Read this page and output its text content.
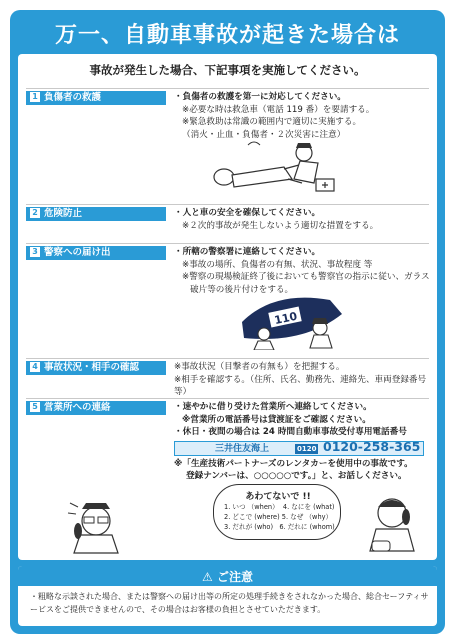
万一、自動車事故が起きた場合は
事故が発生した場合、下記事項を実施してください。
1 負傷者の救護	・負傷者の救護を第一に対応してください。
※必要な時は救急車（電話 119 番）を要請する。
※緊急救助は常識の範囲内で適切に実施する。
（消火・止血・負傷者・２次災害に注意）
2 危険防止	・人と車の安全を確保してください。
※２次的事故が発生しないよう適切な措置をする。
3 警察への届け出	・所轄の警察署に連絡してください。
※事故の場所、負傷者の有無、状況、事故程度 等
※警察の現場検証終了後においても警察官の指示に従い、ガラス
破片等の後片付けをする。
110
4 事故状況・相手の確認	※事故状況（目撃者の有無も）を把握する。
※相手を確認する。（住所、氏名、勤務先、連絡先、車両登録番号 等）
5 営業所への連絡	・速やかに借り受けた営業所へ連絡してください。
※営業所の電話番号は貸渡証をご確認ください。
・休日・夜間の場合は 24 時間自動車事故受付専用電話番号
三井住友海上	0120 0120-258-365
※「生産技術パートナーズのレンタカーを使用中の事故です。
登録ナンバーは、○○○○○です。」と、お話しください。
あわてないで !!
1. いつ （when） 4. なにを (what)
2. どこで (where) 5. なぜ （why）
3. だれが (who) 6. だれに (whom)
⚠ ご注意
・粗略な示談された場合、または警察への届け出等の所定の処理手続きをされなかった場合、総合セーフティサービスをご提供できませんので、その場合はお客様の負担とさせていただきます。
